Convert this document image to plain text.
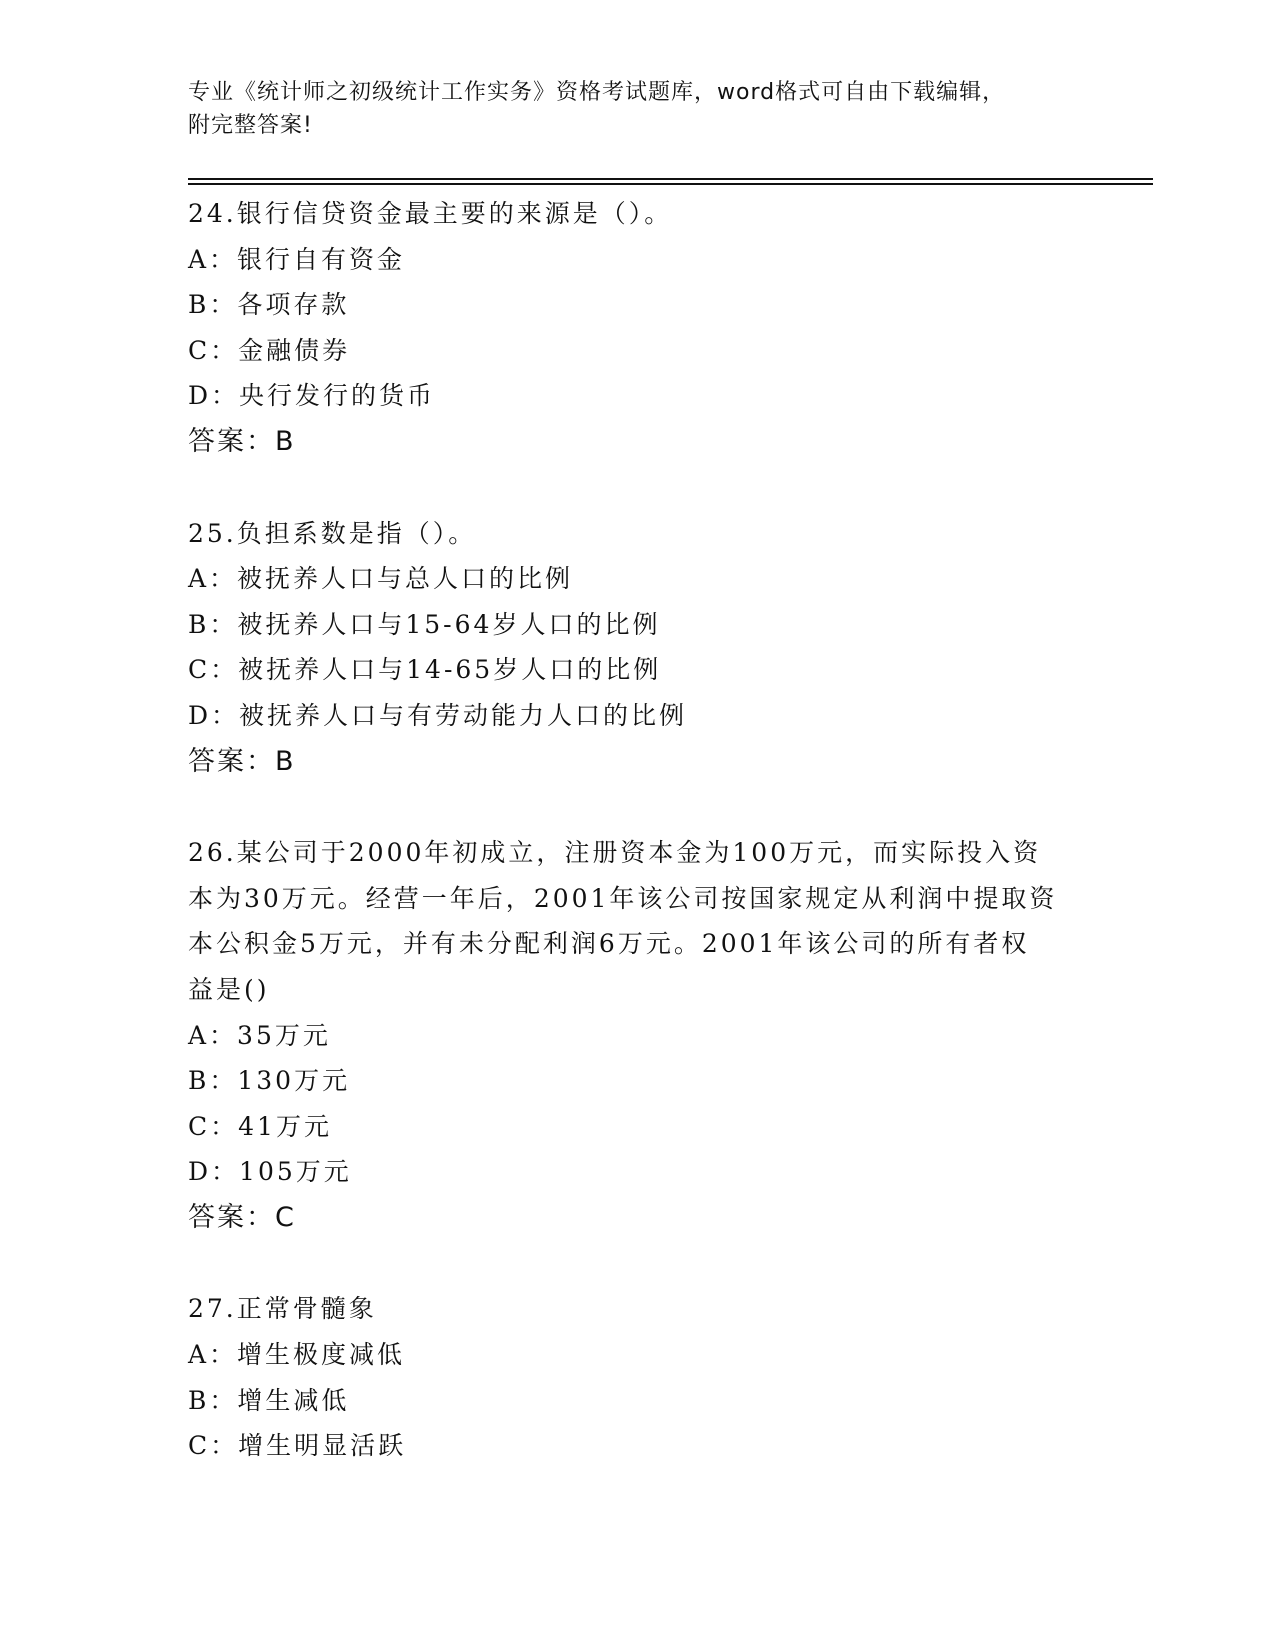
专业《统计师之初级统计工作实务》资格考试题库，word格式可自由下载编辑，
附完整答案!

24.银行信贷资金最主要的来源是（）。

A：银行自有资金

B：各项存款

C：金融债券

D：央行发行的货币

答案：B

25.负担系数是指（）。

A：被抚养人口与总人口的比例

B：被抚养人口与15-64岁人口的比例

C：被抚养人口与14-65岁人口的比例

D：被抚养人口与有劳动能力人口的比例

答案：B

26.某公司于2000年初成立，注册资本金为100万元，而实际投入资

本为30万元。经营一年后，2001年该公司按国家规定从利润中提取资

本公积金5万元，并有未分配利润6万元。2001年该公司的所有者权

益是()

A：35万元

B：130万元

C：41万元

D：105万元

答案：C

27.正常骨髓象

A：增生极度减低

B：增生减低

C：增生明显活跃
